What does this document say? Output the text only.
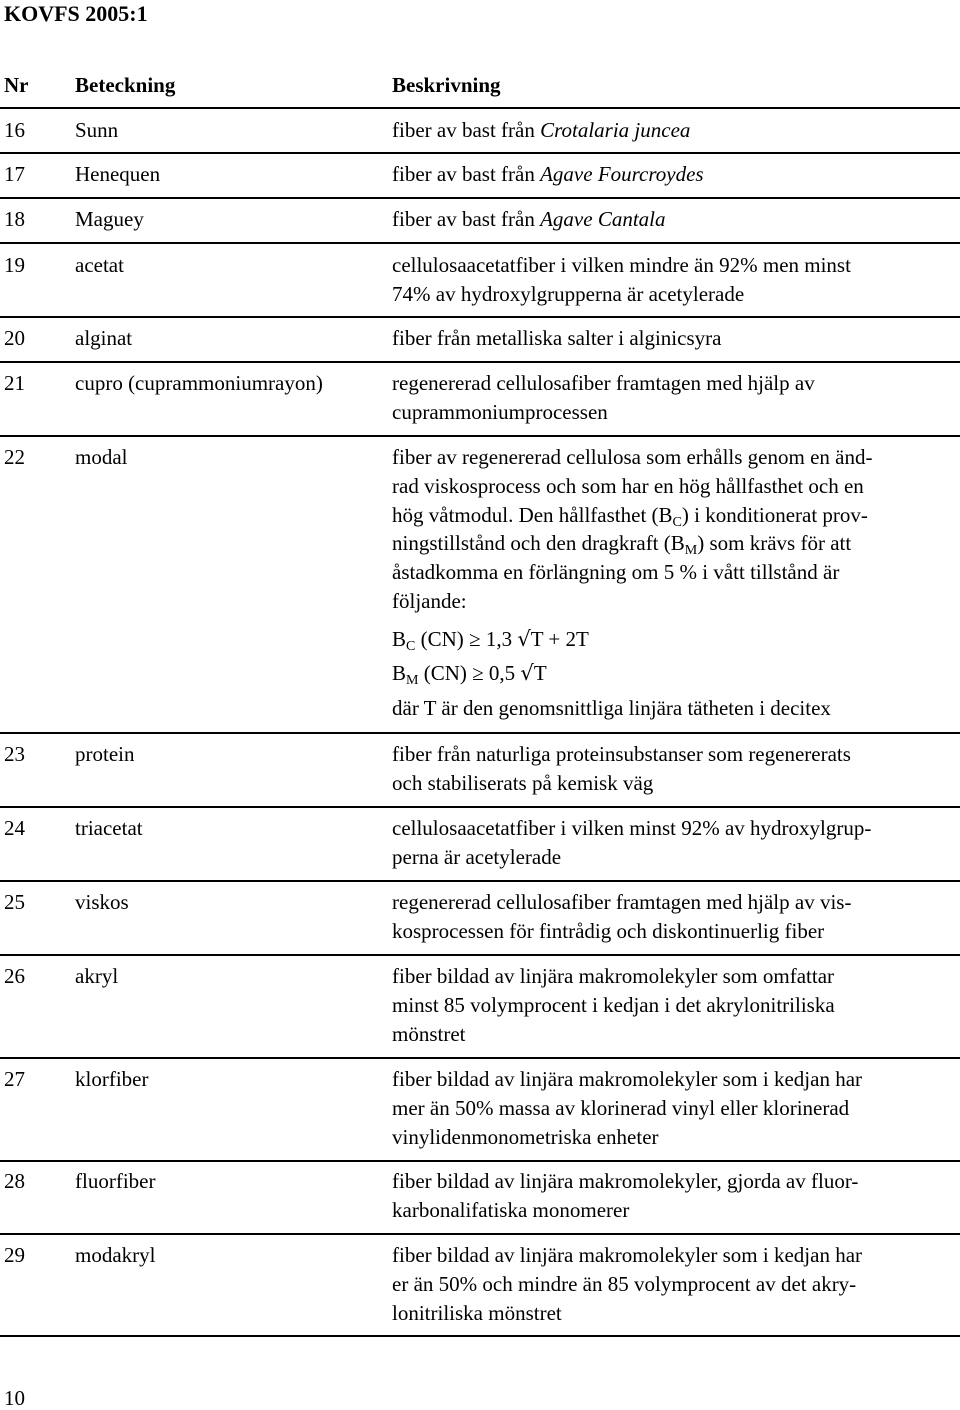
KOVFS 2005:1
Nr Beteckning	Beskrivning
16 Sunn	fiber av bast från Crotalaria juncea
17 Henequen	fiber av bast från Agave Fourcroydes
18 Maguey	fiber av bast från Agave Cantala
19 acetat	cellulosaacetatfiber i vilken mindre än 92% men minst
74% av hydroxylgrupperna är acetylerade
20 alginat	fiber från metalliska salter i alginicsyra
21 cupro (cuprammoniumrayon)	regenererad cellulosafiber framtagen med hjälp av
cuprammoniumprocessen
22 modal	fiber av regenererad cellulosa som erhålls genom en änd-
rad viskosprocess och som har en hög hållfasthet och en
hög våtmodul. Den hållfasthet $(B_C)$ i konditionerat prov-
ningstillstånd och den dragkraft $(B_M)$ som krävs för att
åstadkomma en förlängning om 5 % i vått tillstånd är
följande:
$B_C$ (CN) ≥ 1,3 √T + 2T
$B_M$ (CN) ≥ 0,5 √T
där T är den genomsnittliga linjära tätheten i decitex
23 protein	fiber från naturliga proteinsubstanser som regenererats
och stabiliserats på kemisk väg
24 triacetat	cellulosaacetatfiber i vilken minst 92% av hydroxylgrup-
perna är acetylerade
25 viskos	regenererad cellulosafiber framtagen med hjälp av vis-
kosprocessen för fintrådig och diskontinuerlig fiber
26 akryl	fiber bildad av linjära makromolekyler som omfattar
minst 85 volymprocent i kedjan i det akrylonitriliska
mönstret
27 klorfiber	fiber bildad av linjära makromolekyler som i kedjan har
mer än 50% massa av klorinerad vinyl eller klorinerad
vinylidenmonometriska enheter
28 fluorfiber	fiber bildad av linjära makromolekyler, gjorda av fluor-
karbonalifatiska monomerer
29 modakryl	fiber bildad av linjära makromolekyler som i kedjan har
er än 50% och mindre än 85 volymprocent av det akry-
lonitriliska mönstret
10
